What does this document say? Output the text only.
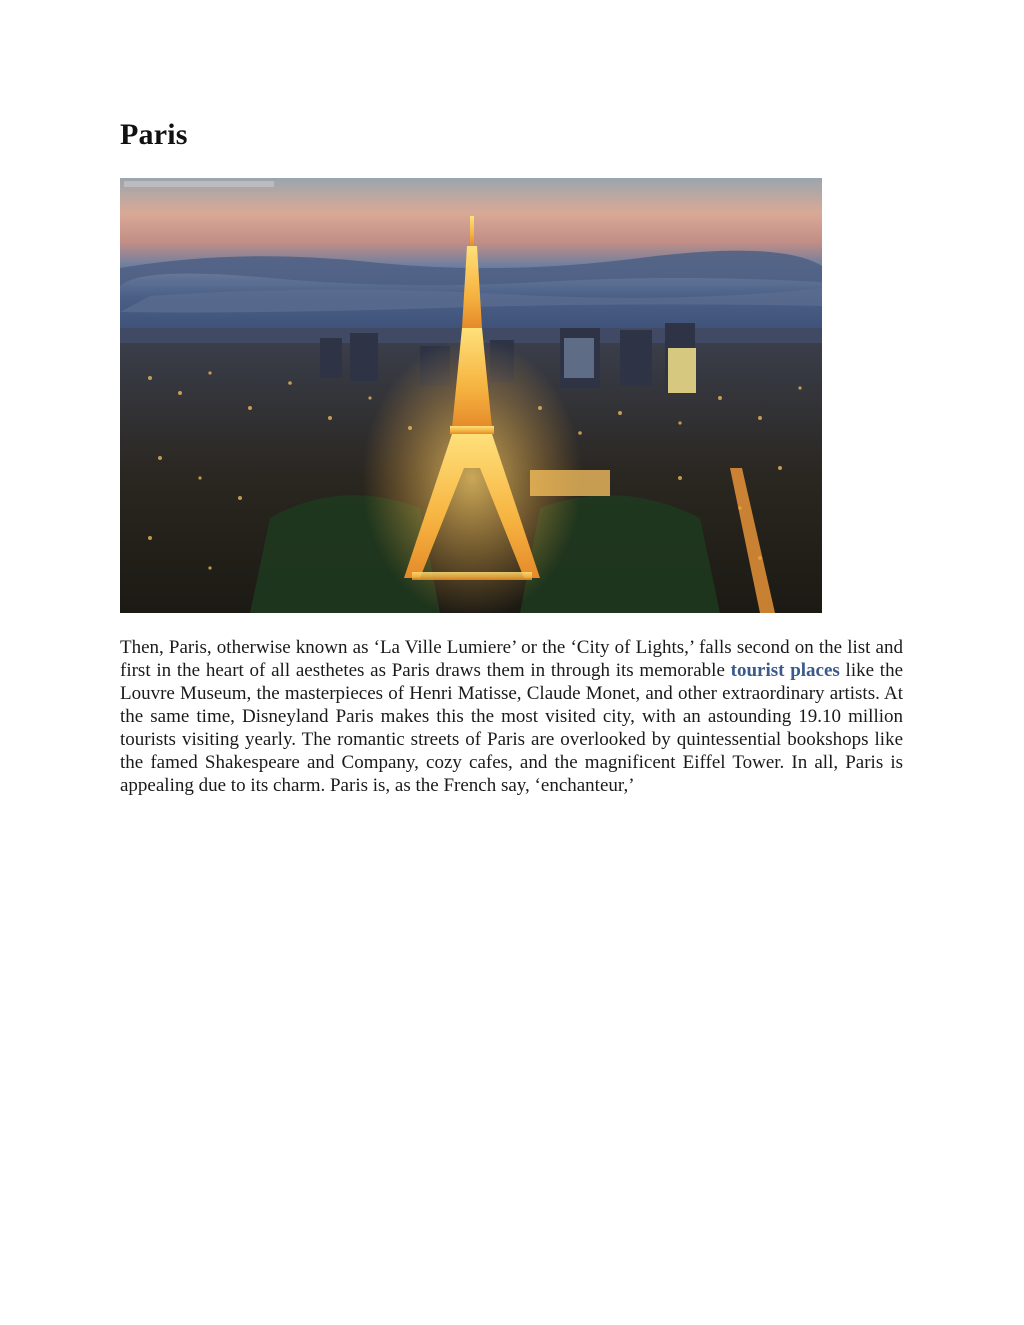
Paris

Then, Paris, otherwise known as ‘La Ville Lumiere’ or the ‘City of Lights,’ falls second on the list and first in the heart of all aesthetes as Paris draws them in through its memorable tourist places like the Louvre Museum, the masterpieces of Henri Matisse, Claude Monet, and other extraordinary artists. At the same time, Disneyland Paris makes this the most visited city, with an astounding 19.10 million tourists visiting yearly. The romantic streets of Paris are overlooked by quintessential bookshops like the famed Shakespeare and Company, cozy cafes, and the magnificent Eiffel Tower. In all, Paris is appealing due to its charm. Paris is, as the French say, ‘enchanteur,’
